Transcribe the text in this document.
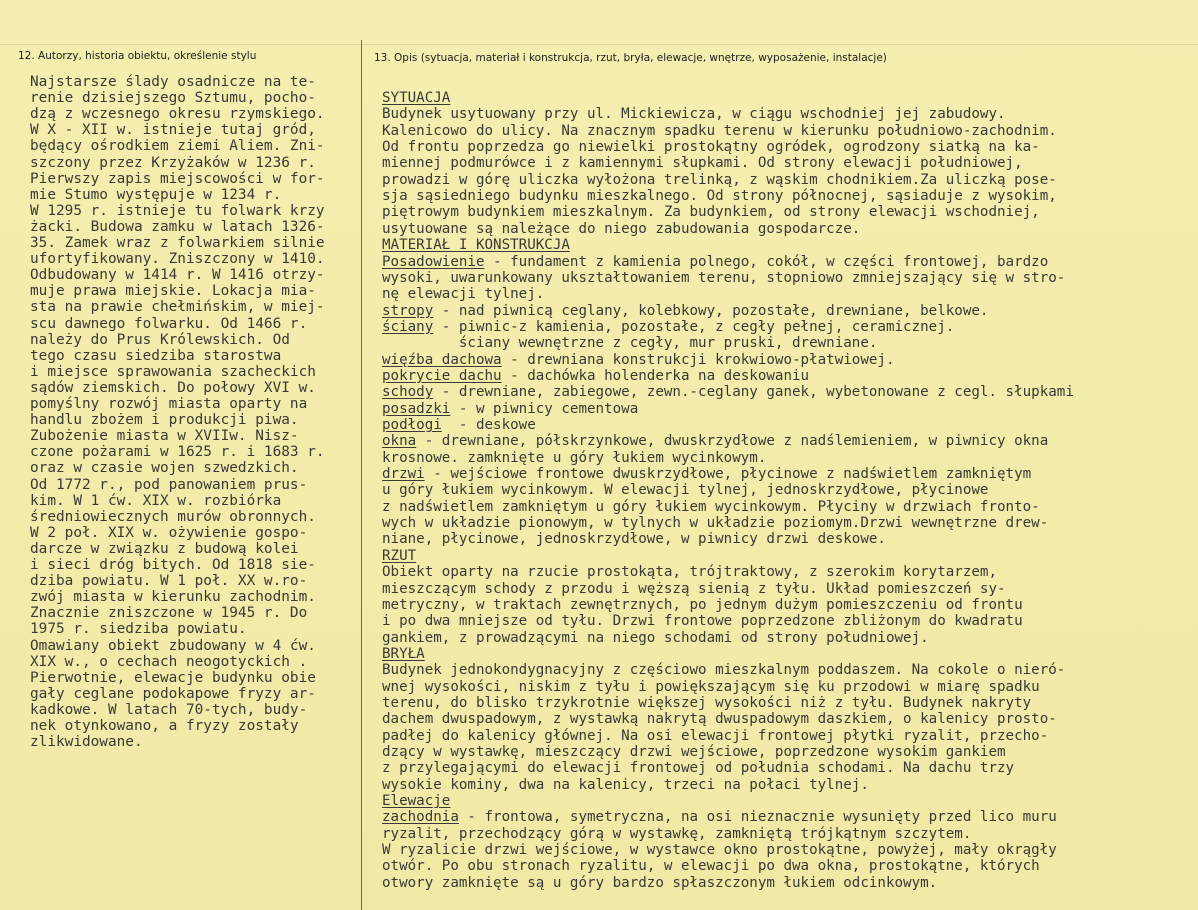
12. Autorzy, historia obiektu, określenie stylu	13. Opis (sytuacja, materiał i konstrukcja, rzut, bryła, elewacje, wnętrze, wyposażenie, instalacje)
Najstarsze ślady osadnicze na te-
renie dzisiejszego Sztumu, pocho-
dzą z wczesnego okresu rzymskiego.
W X - XII w. istnieje tutaj gród,
będący ośrodkiem ziemi Aliem. Zni-
szczony przez Krzyżaków w 1236 r.
Pierwszy zapis miejscowości w for-
mie Stumo występuje w 1234 r.
W 1295 r. istnieje tu folwark krzy
żacki. Budowa zamku w latach 1326-
35. Zamek wraz z folwarkiem silnie
ufortyfikowany. Zniszczony w 1410.
Odbudowany w 1414 r. W 1416 otrzy-
muje prawa miejskie. Lokacja mia-
sta na prawie chełmińskim, w miej-
scu dawnego folwarku. Od 1466 r.
należy do Prus Królewskich. Od
tego czasu siedziba starostwa
i miejsce sprawowania szacheckich
sądów ziemskich. Do połowy XVI w.
pomyślny rozwój miasta oparty na
handlu zbożem i produkcji piwa.
Zubożenie miasta w XVIIw. Nisz-
czone pożarami w 1625 r. i 1683 r.
oraz w czasie wojen szwedzkich.
Od 1772 r., pod panowaniem prus-
kim. W 1 ćw. XIX w. rozbiórka
średniowiecznych murów obronnych.
W 2 poł. XIX w. ożywienie gospo-
darcze w związku z budową kolei
i sieci dróg bitych. Od 1818 sie-
dziba powiatu. W 1 poł. XX w.ro-
zwój miasta w kierunku zachodnim.
Znacznie zniszczone w 1945 r. Do
1975 r. siedziba powiatu.
Omawiany obiekt zbudowany w 4 ćw.
XIX w., o cechach neogotyckich .
Pierwotnie, elewacje budynku obie
gały ceglane podokapowe fryzy ar-
kadkowe. W latach 70-tych, budy-
nek otynkowano, a fryzy zostały
zlikwidowane.
SYTUACJA
Budynek usytuowany przy ul. Mickiewicza, w ciągu wschodniej jej zabudowy.
Kalenicowo do ulicy. Na znacznym spadku terenu w kierunku południowo-zachodnim.
Od frontu poprzedza go niewielki prostokątny ogródek, ogrodzony siatką na ka-
miennej podmurówce i z kamiennymi słupkami. Od strony elewacji południowej,
prowadzi w górę uliczka wyłożona trelinką, z wąskim chodnikiem.Za uliczką pose-
sja sąsiedniego budynku mieszkalnego. Od strony północnej, sąsiaduje z wysokim,
piętrowym budynkiem mieszkalnym. Za budynkiem, od strony elewacji wschodniej,
usytuowane są należące do niego zabudowania gospodarcze.
MATERIAŁ I KONSTRUKCJA
Posadowienie - fundament z kamienia polnego, cokół, w części frontowej, bardzo
wysoki, uwarunkowany ukształtowaniem terenu, stopniowo zmniejszający się w stro-
nę elewacji tylnej.
stropy - nad piwnicą ceglany, kolebkowy, pozostałe, drewniane, belkowe.
ściany - piwnic-z kamienia, pozostałe, z cegły pełnej, ceramicznej.
ściany wewnętrzne z cegły, mur pruski, drewniane.
więźba dachowa - drewniana konstrukcji krokwiowo-płatwiowej.
pokrycie dachu - dachówka holenderka na deskowaniu
schody - drewniane, zabiegowe, zewn.-ceglany ganek, wybetonowane z cegl. słupkami
posadzki - w piwnicy cementowa
podłogi  - deskowe
okna - drewniane, półskrzynkowe, dwuskrzydłowe z nadślemieniem, w piwnicy okna
krosnowe. zamknięte u góry łukiem wycinkowym.
drzwi - wejściowe frontowe dwuskrzydłowe, płycinowe z nadświetlem zamkniętym
u góry łukiem wycinkowym. W elewacji tylnej, jednoskrzydłowe, płycinowe
z nadświetlem zamkniętym u góry łukiem wycinkowym. Płyciny w drzwiach fronto-
wych w układzie pionowym, w tylnych w układzie poziomym.Drzwi wewnętrzne drew-
niane, płycinowe, jednoskrzydłowe, w piwnicy drzwi deskowe.
RZUT
Obiekt oparty na rzucie prostokąta, trójtraktowy, z szerokim korytarzem,
mieszczącym schody z przodu i węższą sienią z tyłu. Układ pomieszczeń sy-
metryczny, w traktach zewnętrznych, po jednym dużym pomieszczeniu od frontu
i po dwa mniejsze od tyłu. Drzwi frontowe poprzedzone zbliżonym do kwadratu
gankiem, z prowadzącymi na niego schodami od strony południowej.
BRYŁA
Budynek jednokondygnacyjny z częściowo mieszkalnym poddaszem. Na cokole o nieró-
wnej wysokości, niskim z tyłu i powiększającym się ku przodowi w miarę spadku
terenu, do blisko trzykrotnie większej wysokości niż z tyłu. Budynek nakryty
dachem dwuspadowym, z wystawką nakrytą dwuspadowym daszkiem, o kalenicy prosto-
padłej do kalenicy głównej. Na osi elewacji frontowej płytki ryzalit, przecho-
dzący w wystawkę, mieszczący drzwi wejściowe, poprzedzone wysokim gankiem
z przylegającymi do elewacji frontowej od południa schodami. Na dachu trzy
wysokie kominy, dwa na kalenicy, trzeci na połaci tylnej.
Elewacje
zachodnia - frontowa, symetryczna, na osi nieznacznie wysunięty przed lico muru
ryzalit, przechodzący górą w wystawkę, zamkniętą trójkątnym szczytem.
W ryzalicie drzwi wejściowe, w wystawce okno prostokątne, powyżej, mały okrągły
otwór. Po obu stronach ryzalitu, w elewacji po dwa okna, prostokątne, których
otwory zamknięte są u góry bardzo spłaszczonym łukiem odcinkowym.
